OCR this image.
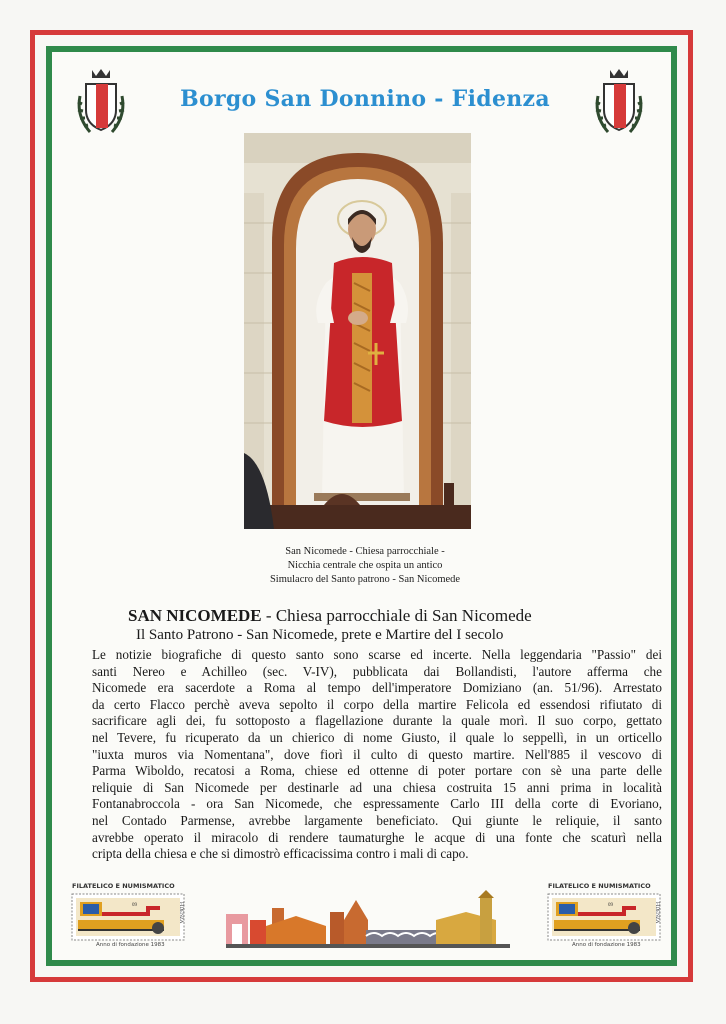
Borgo San Donnino - Fidenza
San Nicomede - Chiesa parrocchiale -
Nicchia centrale che ospita un antico
Simulacro del Santo patrono - San Nicomede
SAN NICOMEDE - Chiesa parrocchiale di San Nicomede
Il Santo Patrono - San Nicomede, prete e Martire del I secolo
Le notizie biografiche di questo santo sono scarse ed incerte. Nella leggendaria "Passio" dei
santi Nereo e Achilleo (sec. V-IV), pubblicata dai Bollandisti, l'autore afferma che
Nicomede era sacerdote a Roma al tempo dell'imperatore Domiziano (an. 51/96). Arrestato
da certo Flacco perchè aveva sepolto il corpo della martire Felicola ed essendosi rifiutato di
sacrificare agli dei, fu sottoposto a flagellazione durante la quale morì. Il suo corpo, gettato
nel Tevere, fu ricuperato da un chierico di nome Giusto, il quale lo seppellì, in un orticello
"iuxta muros via Nomentana", dove fiorì il culto di questo martire. Nell'885 il vescovo di
Parma Wiboldo, recatosi a Roma, chiese ed ottenne di poter portare con sè una parte delle
reliquie di San Nicomede per destinarle ad una chiesa costruita 15 anni prima in località
Fontanabroccola - ora San Nicomede, che espressamente Carlo III della corte di Evoriano,
nel Contado Parmense, avrebbe largamente beneficiato. Qui giunte le reliquie, il santo
avrebbe operato il miracolo di rendere taumaturghe le acque di una fonte che scaturì nella
cripta della chiesa e che si dimostrò efficacissima contro i mali di capo.
FILATELICO E NUMISMATICO
09	FIDENZA
Anno di fondazione 1983
FILATELICO E NUMISMATICO
09	FIDENZA
Anno di fondazione 1983
